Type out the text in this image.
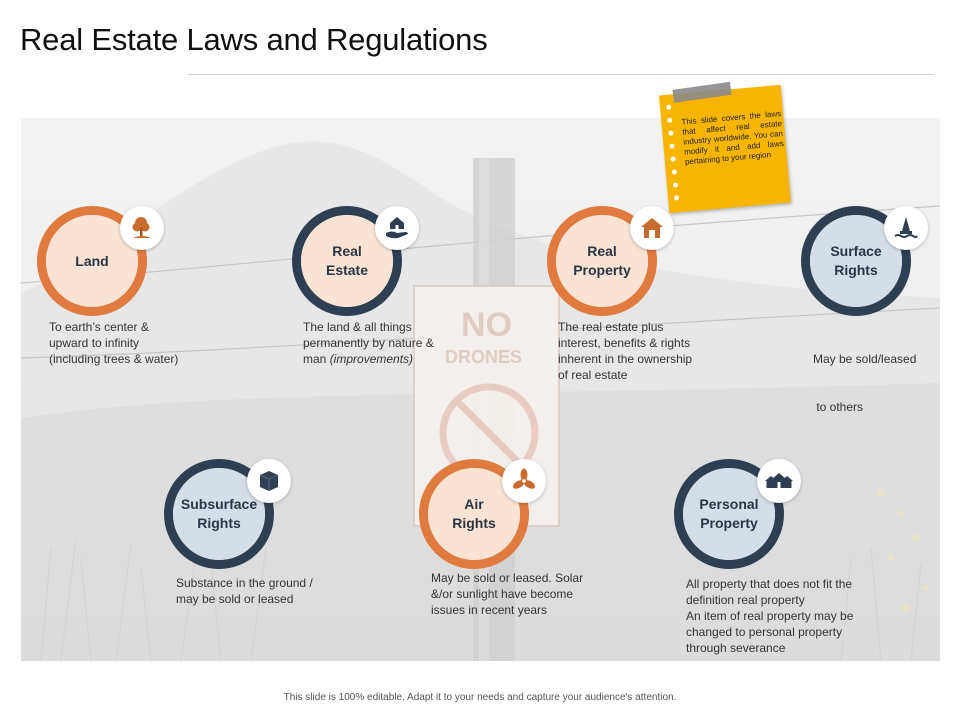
Real Estate Laws and Regulations
NO
DRONES
Land
Real
Estate
Real
Property
Surface
Rights
Subsurface
Rights
Air
Rights
Personal
Property

To earth’s center &

upward to infinity

(including trees & water)

The land & all things

permanently by nature &

man (improvements)

The real estate plus

interest, benefits & rights

inherent in the ownership

of real estate

May be sold/leased

to others

Substance in the ground /

may be sold or leased

May be sold or leased. Solar

&/or sunlight have become

issues in recent years

All property that does not fit the

definition real property

An item of real property may be

changed to personal property

through severance

This slide covers the laws that affect real estate industry worldwide. You can modify it and add laws pertaining to your region
This slide is 100% editable. Adapt it to your needs and capture your audience's attention.
